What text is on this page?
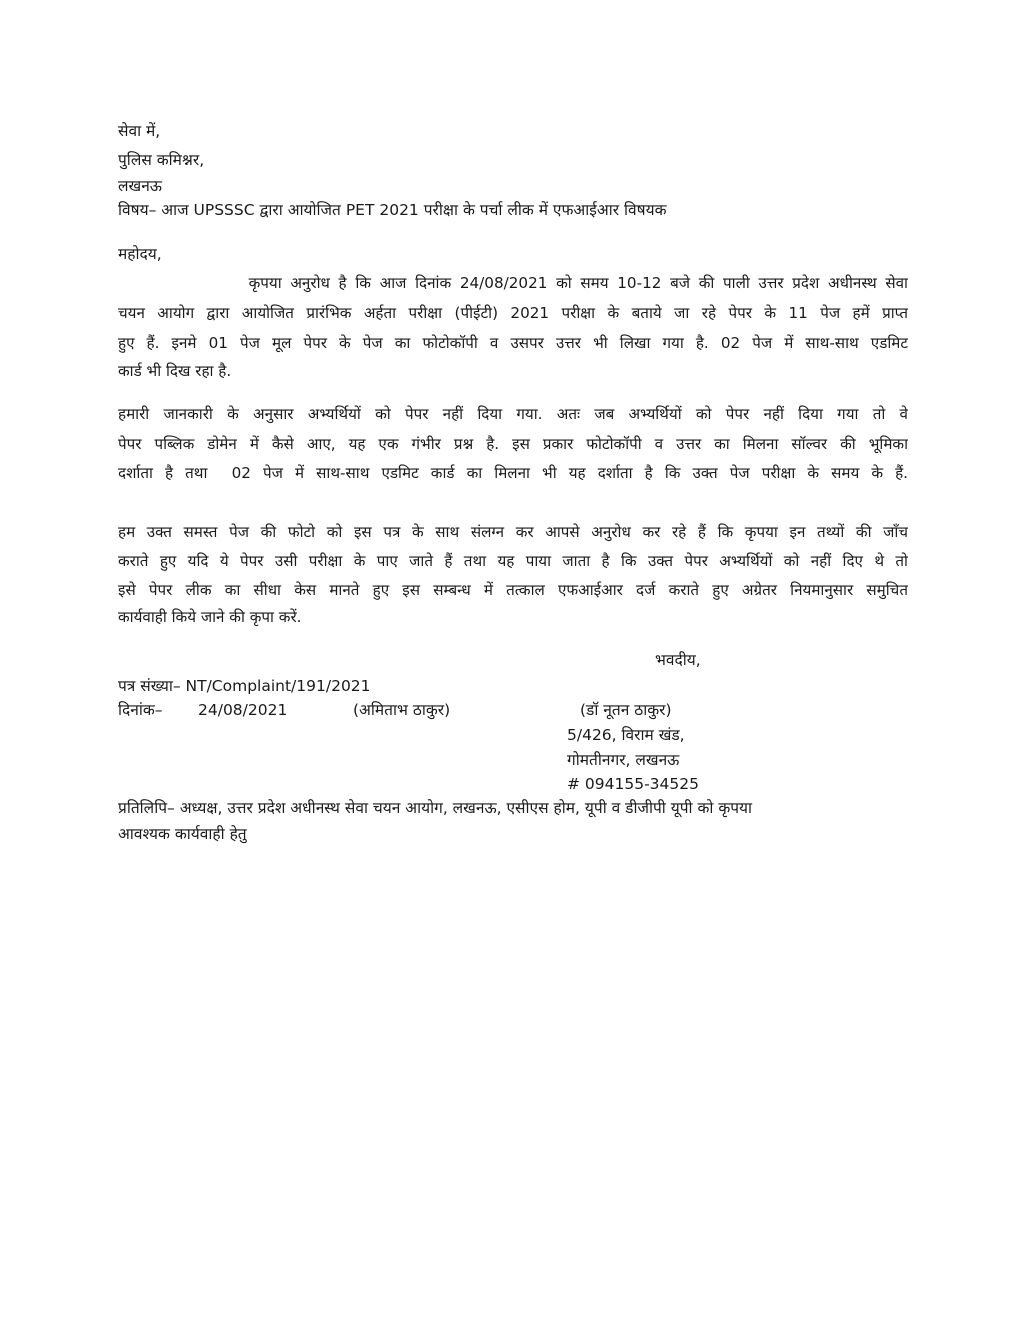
सेवा में,
पुलिस कमिश्नर,
लखनऊ
विषय– आज UPSSSC द्वारा आयोजित PET 2021 परीक्षा के पर्चा लीक में एफआईआर विषयक
महोदय,
कृपया अनुरोध है कि आज दिनांक 24/08/2021 को समय 10-12 बजे की पाली उत्तर प्रदेश अधीनस्थ सेवा
चयन आयोग द्वारा आयोजित प्रारंभिक अर्हता परीक्षा (पीईटी) 2021 परीक्षा के बताये जा रहे पेपर के 11 पेज हमें प्राप्त
हुए हैं. इनमे 01 पेज मूल पेपर के पेज का फोटोकॉपी व उसपर उत्तर भी लिखा गया है. 02 पेज में साथ-साथ एडमिट
कार्ड भी दिख रहा है.
हमारी जानकारी के अनुसार अभ्यर्थियों को पेपर नहीं दिया गया. अतः जब अभ्यर्थियों को पेपर नहीं दिया गया तो वे
पेपर पब्लिक डोमेन में कैसे आए, यह एक गंभीर प्रश्न है. इस प्रकार फोटोकॉपी व उत्तर का मिलना सॉल्वर की भूमिका
दर्शाता है तथा  02 पेज में साथ-साथ एडमिट कार्ड का मिलना भी यह दर्शाता है कि उक्त पेज परीक्षा के समय के हैं.
हम उक्त समस्त पेज की फोटो को इस पत्र के साथ संलग्न कर आपसे अनुरोध कर रहे हैं कि कृपया इन तथ्यों की जाँच
कराते हुए यदि ये पेपर उसी परीक्षा के पाए जाते हैं तथा यह पाया जाता है कि उक्त पेपर अभ्यर्थियों को नहीं दिए थे तो
इसे पेपर लीक का सीधा केस मानते हुए इस सम्बन्ध में तत्काल एफआईआर दर्ज कराते हुए अग्रेतर नियमानुसार समुचित
कार्यवाही किये जाने की कृपा करें.
भवदीय,
पत्र संख्या– NT/Complaint/191/2021
दिनांक– 24/08/2021	(अमिताभ ठाकुर)	(डॉ नूतन ठाकुर)
5/426, विराम खंड,
गोमतीनगर, लखनऊ
# 094155-34525
प्रतिलिपि– अध्यक्ष, उत्तर प्रदेश अधीनस्थ सेवा चयन आयोग, लखनऊ, एसीएस होम, यूपी व डीजीपी यूपी को कृपया
आवश्यक कार्यवाही हेतु
